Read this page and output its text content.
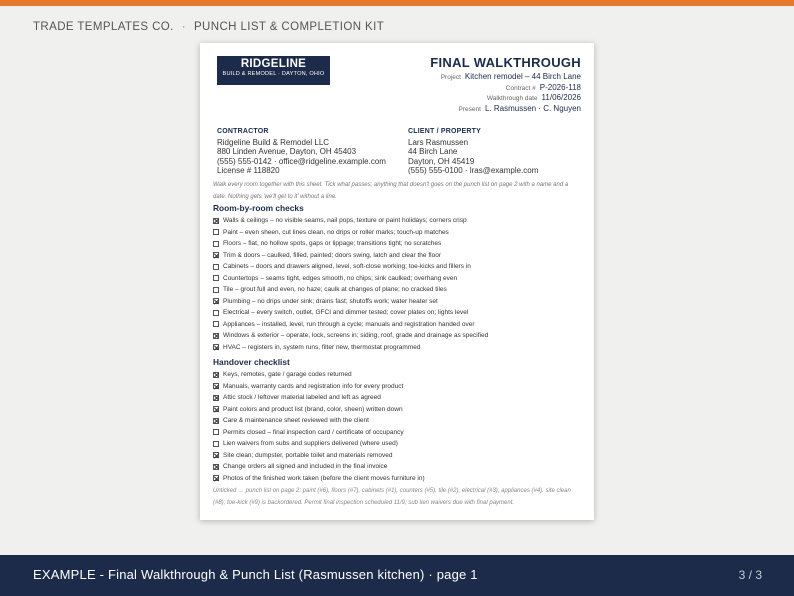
TRADE TEMPLATES CO. · PUNCH LIST & COMPLETION KIT
RIDGELINE
BUILD & REMODEL · DAYTON, OHIO
FINAL WALKTHROUGH
Project Kitchen remodel – 44 Birch Lane
Contract # P-2026-118
Walkthrough date 11/06/2026
Present L. Rasmussen · C. Nguyen
CONTRACTOR
Ridgeline Build & Remodel LLC
880 Linden Avenue, Dayton, OH 45403
(555) 555-0142 · office@ridgeline.example.com
License # 118820
CLIENT / PROPERTY
Lars Rasmussen
44 Birch Lane
Dayton, OH 45419
(555) 555-0100 · lras@example.com
Walk every room together with this sheet. Tick what passes; anything that doesn't goes on the punch list on page 2 with a name and a date. Nothing gets 'we'll get to it' without a line.
Room-by-room checks
Walls & ceilings – no visible seams, nail pops, texture or paint holidays; corners crisp
Paint – even sheen, cut lines clean, no drips or roller marks; touch-up matches
Floors – flat, no hollow spots, gaps or lippage; transitions tight; no scratches
Trim & doors – caulked, filled, painted; doors swing, latch and clear the floor
Cabinets – doors and drawers aligned, level, soft-close working; toe-kicks and fillers in
Countertops – seams tight, edges smooth, no chips; sink caulked; overhang even
Tile – grout full and even, no haze; caulk at changes of plane; no cracked tiles
Plumbing – no drips under sink; drains fast; shutoffs work; water heater set
Electrical – every switch, outlet, GFCI and dimmer tested; cover plates on; lights level
Appliances – installed, level, run through a cycle; manuals and registration handed over
Windows & exterior – operate, lock, screens in; siding, roof, grade and drainage as specified
HVAC – registers in, system runs, filter new, thermostat programmed
Handover checklist
Keys, remotes, gate / garage codes returned
Manuals, warranty cards and registration info for every product
Attic stock / leftover material labeled and left as agreed
Paint colors and product list (brand, color, sheen) written down
Care & maintenance sheet reviewed with the client
Permits closed – final inspection card / certificate of occupancy
Lien waivers from subs and suppliers delivered (where used)
Site clean; dumpster, portable toilet and materials removed
Change orders all signed and included in the final invoice
Photos of the finished work taken (before the client moves furniture in)
Unticked → punch list on page 2: paint (#6), floors (#7), cabinets (#1), counters (#5), tile (#2), electrical (#3), appliances (#4), site clean (#8); toe-kick (#9) is backordered. Permit final inspection scheduled 11/9; sub lien waivers due with final payment.
EXAMPLE - Final Walkthrough & Punch List (Rasmussen kitchen) · page 1	3 / 3
